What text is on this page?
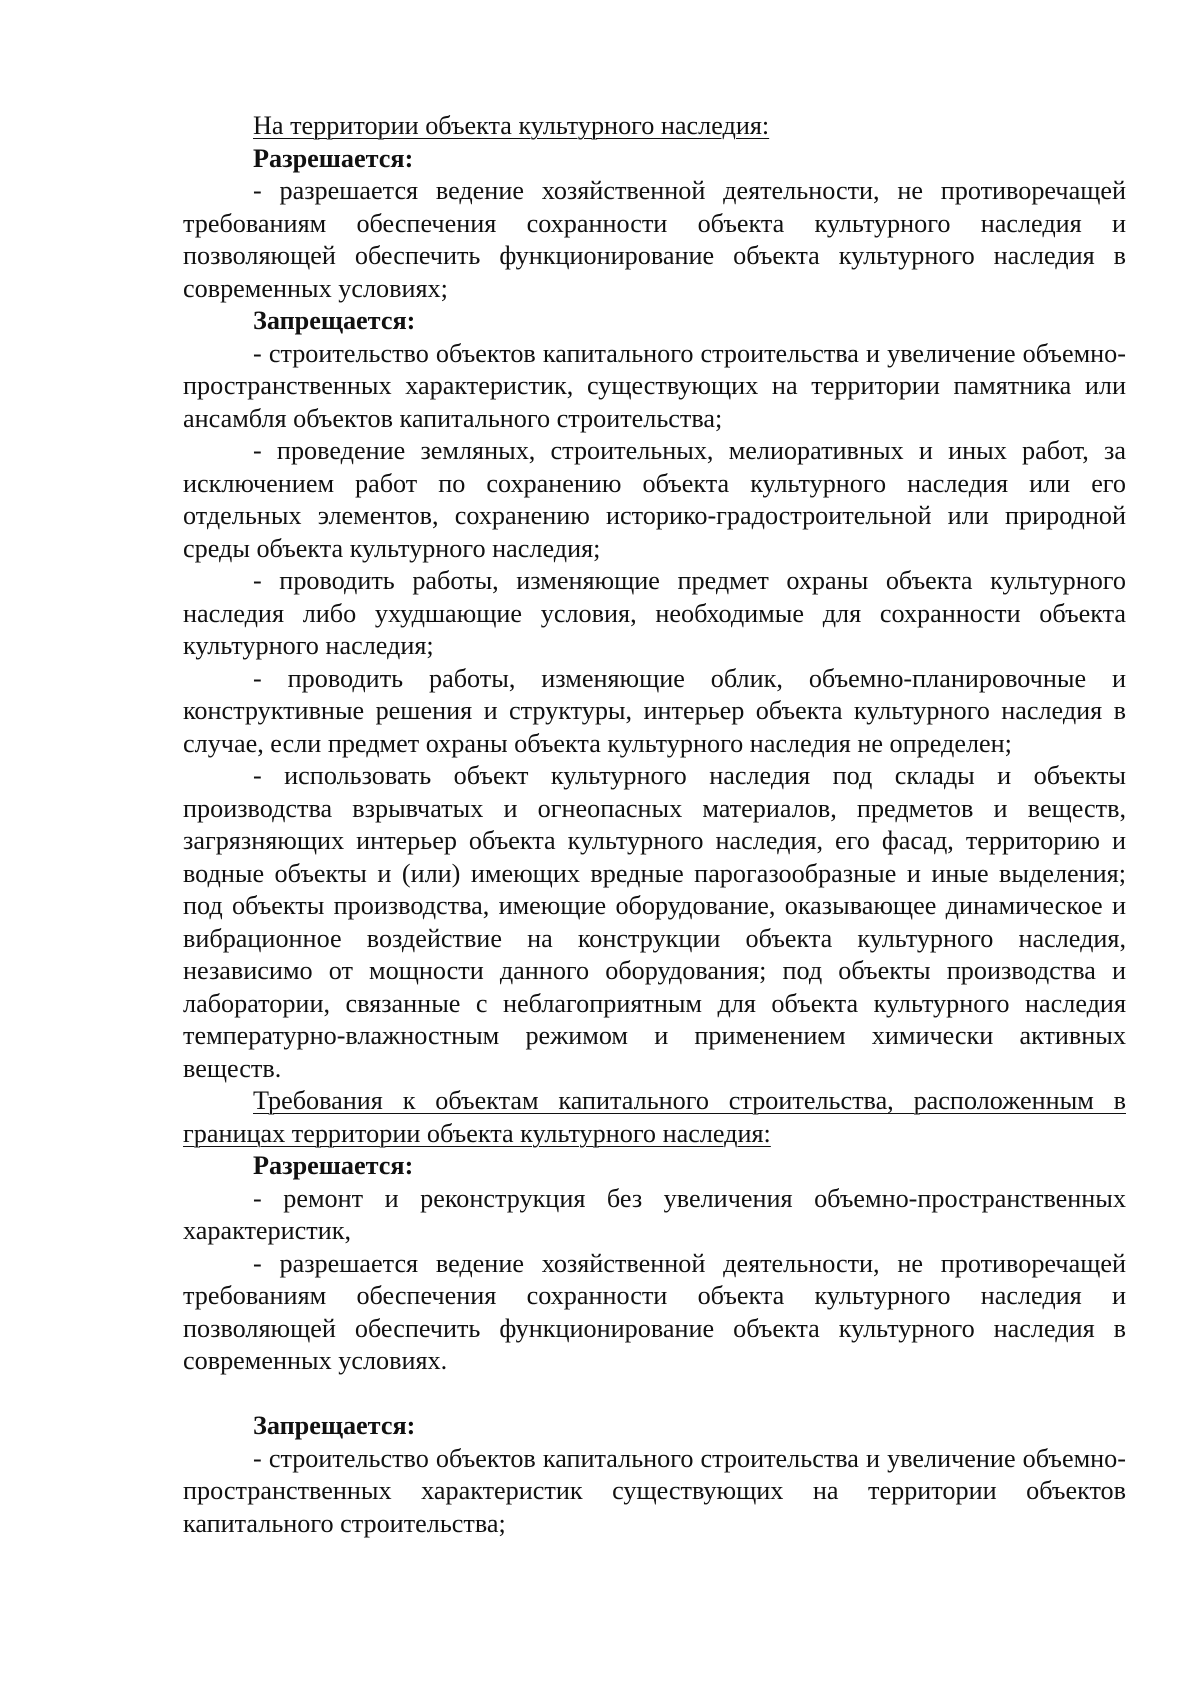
На территории объекта культурного наследия:

Разрешается:

- разрешается ведение хозяйственной деятельности, не противоречащей требованиям обеспечения сохранности объекта культурного наследия и позволяющей обеспечить функционирование объекта культурного наследия в современных условиях;

Запрещается:

- строительство объектов капитального строительства и увеличение объемно-пространственных характеристик, существующих на территории памятника или ансамбля объектов капитального строительства;

- проведение земляных, строительных, мелиоративных и иных работ, за исключением работ по сохранению объекта культурного наследия или его отдельных элементов, сохранению историко-градостроительной или природной среды объекта культурного наследия;

- проводить работы, изменяющие предмет охраны объекта культурного наследия либо ухудшающие условия, необходимые для сохранности объекта культурного наследия;

- проводить работы, изменяющие облик, объемно-планировочные и конструктивные решения и структуры, интерьер объекта культурного наследия в случае, если предмет охраны объекта культурного наследия не определен;

- использовать объект культурного наследия под склады и объекты производства взрывчатых и огнеопасных материалов, предметов и веществ, загрязняющих интерьер объекта культурного наследия, его фасад, территорию и водные объекты и (или) имеющих вредные парогазообразные и иные выделения; под объекты производства, имеющие оборудование, оказывающее динамическое и вибрационное воздействие на конструкции объекта культурного наследия, независимо от мощности данного оборудования; под объекты производства и лаборатории, связанные с неблагоприятным для объекта культурного наследия температурно-влажностным режимом и применением химически активных веществ.

Требования к объектам капитального строительства, расположенным в границах территории объекта культурного наследия:

Разрешается:

- ремонт и реконструкция без увеличения объемно-пространственных характеристик,

- разрешается ведение хозяйственной деятельности, не противоречащей требованиям обеспечения сохранности объекта культурного наследия и позволяющей обеспечить функционирование объекта культурного наследия в современных условиях.

Запрещается:

- строительство объектов капитального строительства и увеличение объемно-пространственных характеристик существующих на территории объектов капитального строительства;
